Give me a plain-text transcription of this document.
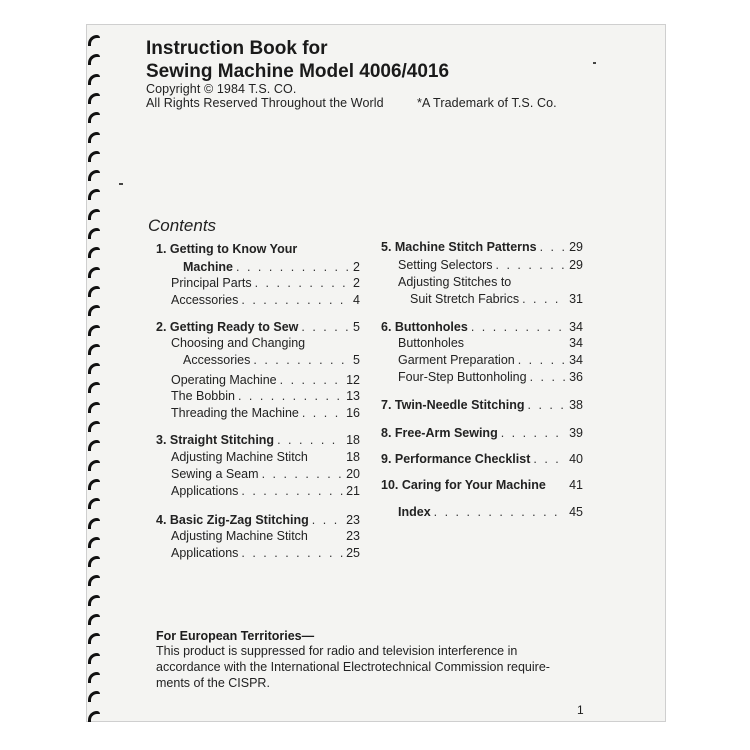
Instruction Book for
Sewing Machine Model 4006/4016
Copyright © 1984 T.S. CO.
All Rights Reserved Throughout the World	*A Trademark of T.S. Co.
Contents
1. Getting to Know Your
Machine . . .	2
Principal Parts . . .	2
Accessories . . .	4
2. Getting Ready to Sew . . .	5
Choosing and Changing
Accessories . . .	5
Operating Machine . . .	12
The Bobbin . . .	13
Threading the Machine . . .	16
3. Straight Stitching . . .	18
Adjusting Machine Stitch	18
Sewing a Seam . . .	20
Applications . . .	21
4. Basic Zig-Zag Stitching . . .	23
Adjusting Machine Stitch	23
Applications . . .	25
5. Machine Stitch Patterns . . .	29
Setting Selectors . . .	29
Adjusting Stitches to
Suit Stretch Fabrics . . .	31
6. Buttonholes . . .	34
Buttonholes	34
Garment Preparation . . .	34
Four-Step Buttonholing . . .	36
7. Twin-Needle Stitching . . .	38
8. Free-Arm Sewing . . .	39
9. Performance Checklist . . .	40
10. Caring for Your Machine 41
Index . . .	45
For European Territories—
This product is suppressed for radio and television interference in
accordance with the International Electrotechnical Commission require-
ments of the CISPR.
1
